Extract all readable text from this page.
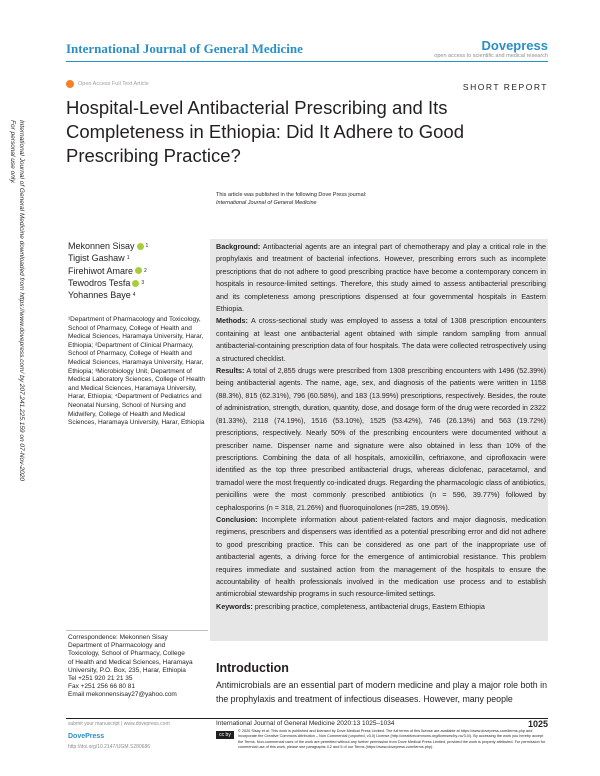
International Journal of General Medicine	Dovepress
open access to scientific and medical research
Open Access Full Text Article	SHORT REPORT
Hospital-Level Antibacterial Prescribing and Its Completeness in Ethiopia: Did It Adhere to Good Prescribing Practice?
This article was published in the following Dove Press journal:
International Journal of General Medicine
International Journal of General Medicine downloaded from https://www.dovepress.com/ by 207.241.225.159 on 07-Nov-2020
For personal use only.
Mekonnen Sisay 1
Tigist Gashaw 1
Firehiwot Amare 2
Tewodros Tesfa 3
Yohannes Baye 4
¹Department of Pharmacology and Toxicology, School of Pharmacy, College of Health and Medical Sciences, Haramaya University, Harar, Ethiopia; ²Department of Clinical Pharmacy, School of Pharmacy, College of Health and Medical Sciences, Haramaya University, Harar, Ethiopia; ³Microbiology Unit, Department of Medical Laboratory Sciences, College of Health and Medical Sciences, Haramaya University, Harar, Ethiopia; ⁴Department of Pediatrics and Neonatal Nursing, School of Nursing and Midwifery, College of Health and Medical Sciences, Haramaya University, Harar, Ethiopia
Correspondence: Mekonnen Sisay
Department of Pharmacology and
Toxicology, School of Pharmacy, College
of Health and Medical Sciences, Haramaya
University, P.O. Box, 235, Harar, Ethiopia
Tel +251 920 21 21 35
Fax +251 256 66 80 81
Email mekonnensisay27@yahoo.com

Background: Antibacterial agents are an integral part of chemotherapy and play a critical role in the prophylaxis and treatment of bacterial infections. However, prescribing errors such as incomplete prescriptions that do not adhere to good prescribing practice have become a contemporary concern in hospitals in resource-limited settings. Therefore, this study aimed to assess antibacterial prescribing and its completeness among prescriptions dispensed at four governmental hospitals in Eastern Ethiopia.

Methods: A cross-sectional study was employed to assess a total of 1308 prescription encounters containing at least one antibacterial agent obtained with simple random sampling from annual antibacterial-containing prescription data of four hospitals. The data were collected retrospectively using a structured checklist.

Results: A total of 2,855 drugs were prescribed from 1308 prescribing encounters with 1496 (52.39%) being antibacterial agents. The name, age, sex, and diagnosis of the patients were written in 1158 (88.3%), 815 (62.31%), 796 (60.58%), and 183 (13.99%) prescriptions, respectively. Besides, the route of administration, strength, duration, quantity, dose, and dosage form of the drug were recorded in 2322 (81.33%), 2118 (74.19%), 1516 (53.10%), 1525 (53.42%), 746 (26.13%) and 563 (19.72%) prescriptions, respectively. Nearly 50% of the prescribing encounters were documented without a prescriber name. Dispenser name and signature were also obtained in less than 10% of the prescriptions. Combining the data of all hospitals, amoxicillin, ceftriaxone, and ciprofloxacin were identified as the top three prescribed antibacterial drugs, whereas diclofenac, paracetamol, and tramadol were the most frequently co-indicated drugs. Regarding the pharmacologic class of antibiotics, penicillins were the most commonly prescribed antibiotics (n = 596, 39.77%) followed by cephalosporins (n = 318, 21.26%) and fluoroquinolones (n=285, 19.05%).

Conclusion: Incomplete information about patient-related factors and major diagnosis, medication regimens, prescribers and dispensers was identified as a potential prescribing error and did not adhere to good prescribing practice. This can be considered as one part of the inappropriate use of antibacterial agents, a driving force for the emergence of antimicrobial resistance. This problem requires immediate and sustained action from the management of the hospitals to ensure the accountability of health professionals involved in the medication use process and to establish antimicrobial stewardship programs in such resource-limited settings.

Keywords: prescribing practice, completeness, antibacterial drugs, Eastern Ethiopia

Introduction
Antimicrobials are an essential part of modern medicine and play a major role both in the prophylaxis and treatment of infectious diseases. However, many people
submit your manuscript | www.dovepress.com
DovePress
http://doi.org/10.2147/IJGM.S280686
International Journal of General Medicine 2020:13 1025–1034	1025
cc by nc
© 2020 Sisay et al. This work is published and licensed by Dove Medical Press Limited. The full terms of this license are available at https://www.dovepress.com/terms.php and incorporate the Creative Commons Attribution – Non Commercial (unported, v3.0) License (http://creativecommons.org/licenses/by-nc/3.0/). By accessing the work you hereby accept the Terms. Non-commercial uses of the work are permitted without any further permission from Dove Medical Press Limited, provided the work is properly attributed. For permission for commercial use of this work, please see paragraphs 4.2 and 5 of our Terms (https://www.dovepress.com/terms.php).
